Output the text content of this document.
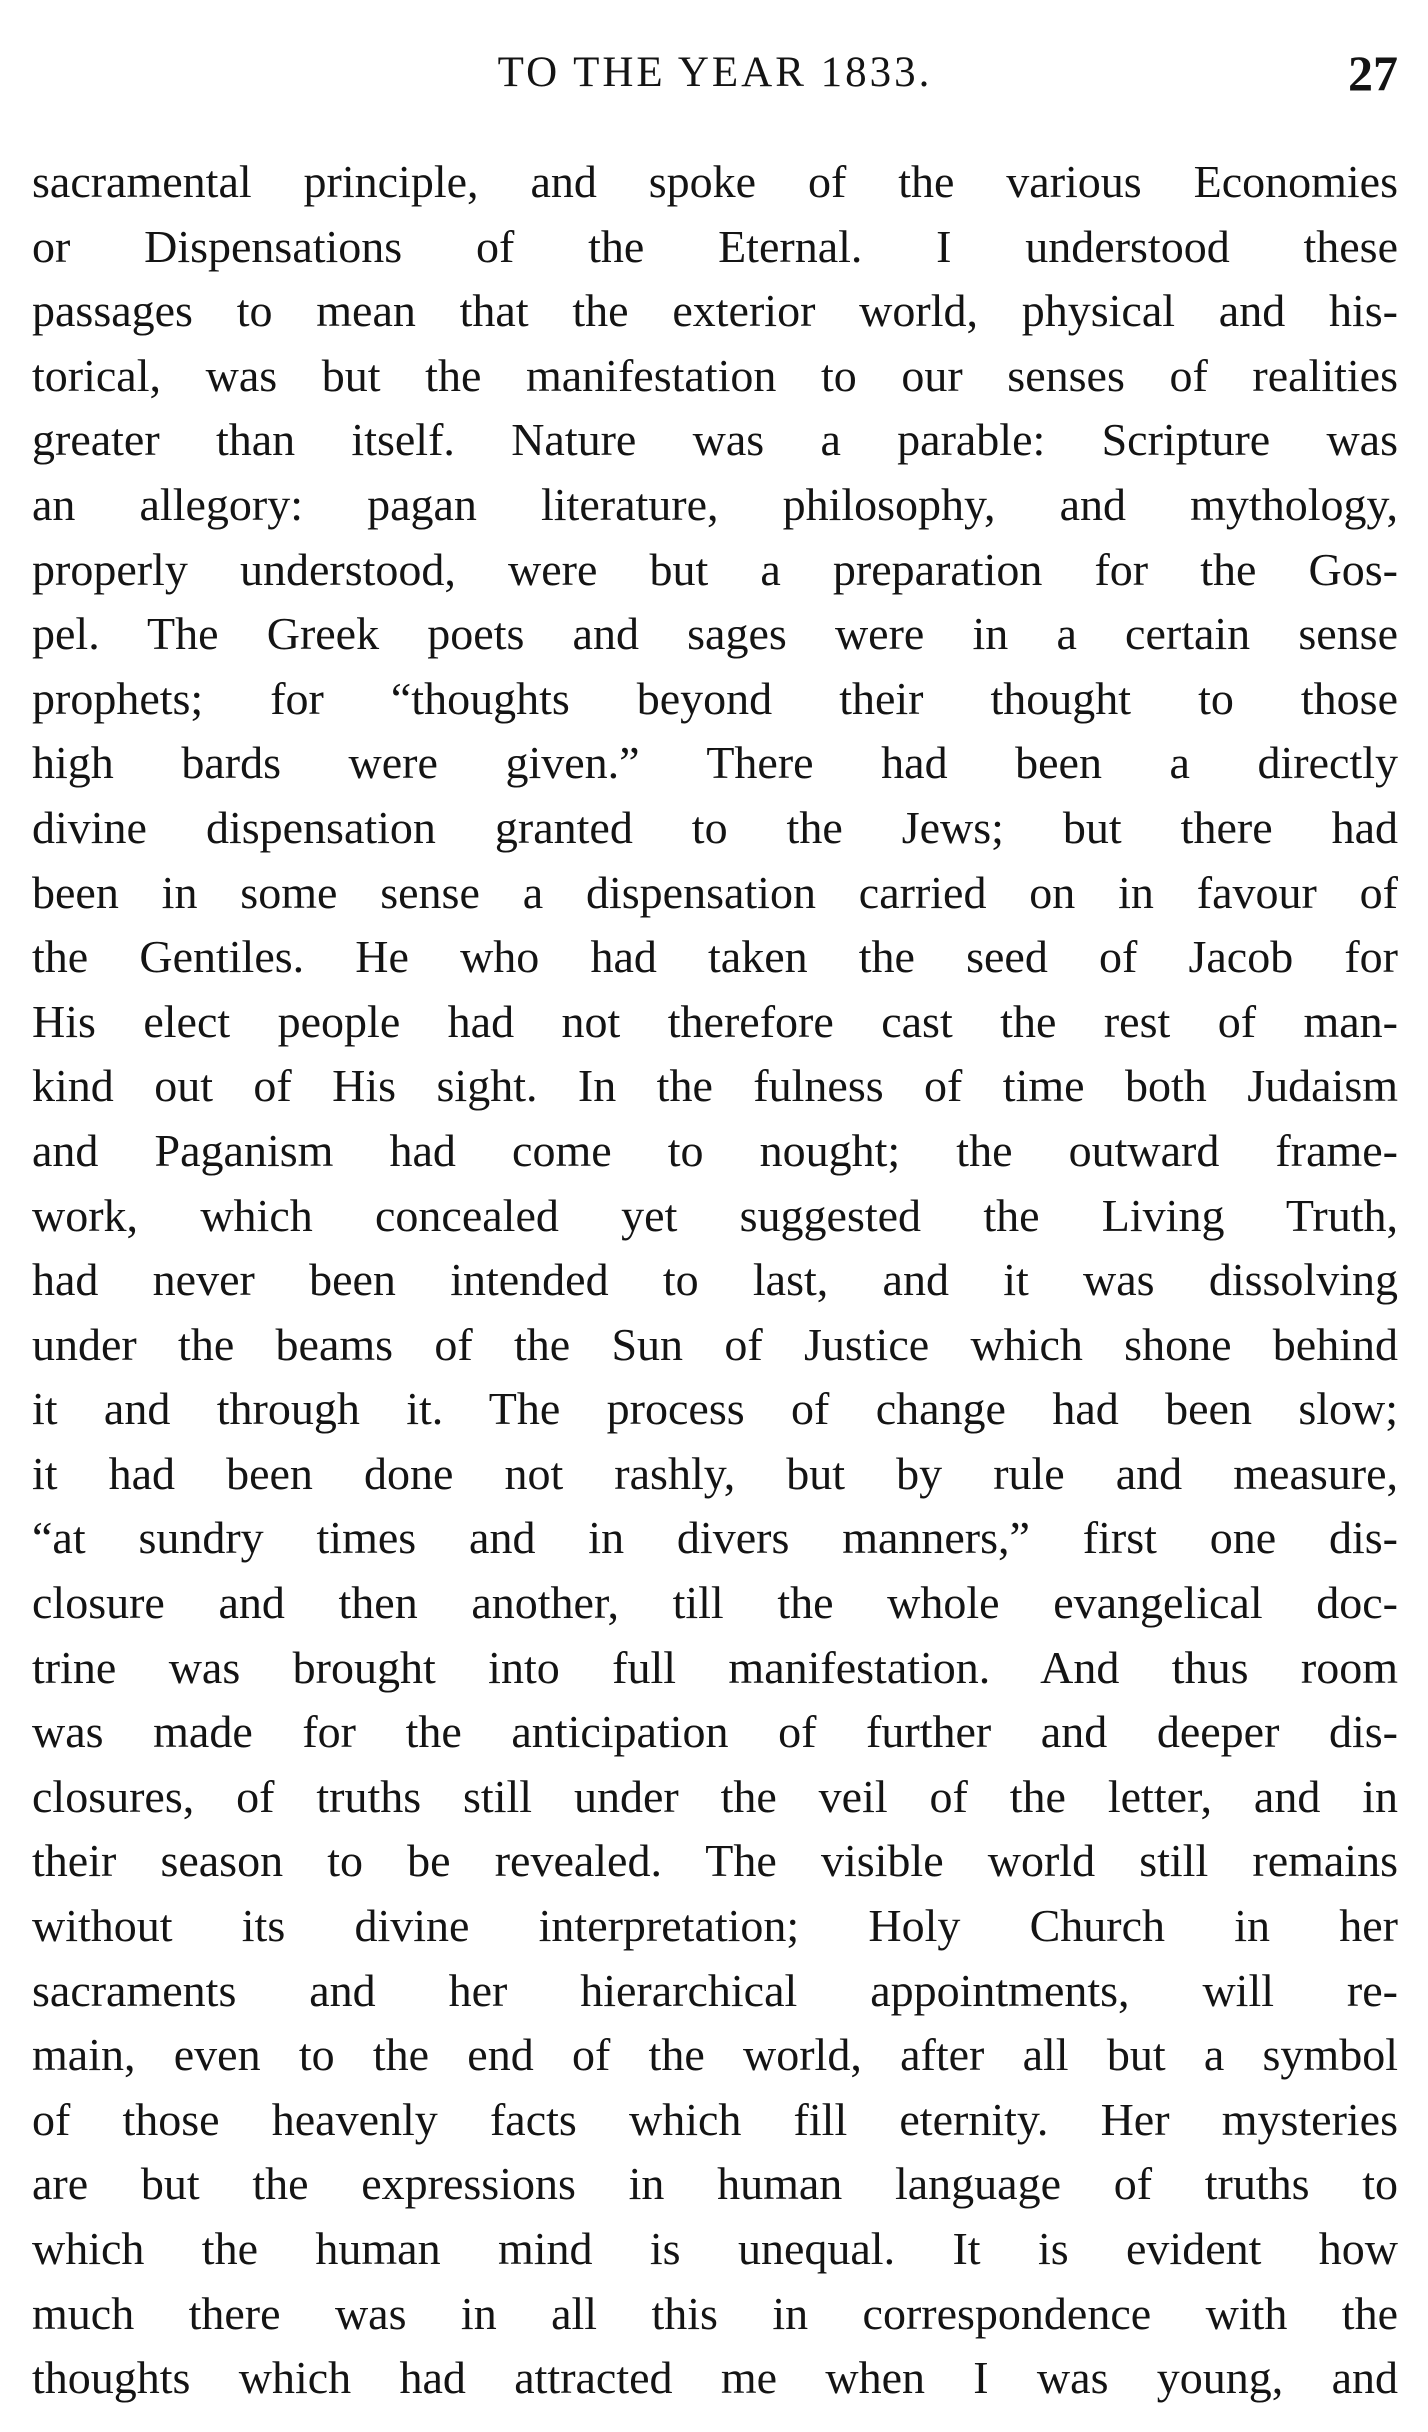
TO THE YEAR 1833.	27
sacramental principle, and spoke of the various Economies
or Dispensations of the Eternal. I understood these
passages to mean that the exterior world, physical and his-
torical, was but the manifestation to our senses of realities
greater than itself. Nature was a parable: Scripture was
an allegory: pagan literature, philosophy, and mythology,
properly understood, were but a preparation for the Gos-
pel. The Greek poets and sages were in a certain sense
prophets; for “thoughts beyond their thought to those
high bards were given.” There had been a directly
divine dispensation granted to the Jews; but there had
been in some sense a dispensation carried on in favour of
the Gentiles. He who had taken the seed of Jacob for
His elect people had not therefore cast the rest of man-
kind out of His sight. In the fulness of time both Judaism
and Paganism had come to nought; the outward frame-
work, which concealed yet suggested the Living Truth,
had never been intended to last, and it was dissolving
under the beams of the Sun of Justice which shone behind
it and through it. The process of change had been slow;
it had been done not rashly, but by rule and measure,
“at sundry times and in divers manners,” first one dis-
closure and then another, till the whole evangelical doc-
trine was brought into full manifestation. And thus room
was made for the anticipation of further and deeper dis-
closures, of truths still under the veil of the letter, and in
their season to be revealed. The visible world still remains
without its divine interpretation; Holy Church in her
sacraments and her hierarchical appointments, will re-
main, even to the end of the world, after all but a symbol
of those heavenly facts which fill eternity. Her mysteries
are but the expressions in human language of truths to
which the human mind is unequal. It is evident how
much there was in all this in correspondence with the
thoughts which had attracted me when I was young, and
